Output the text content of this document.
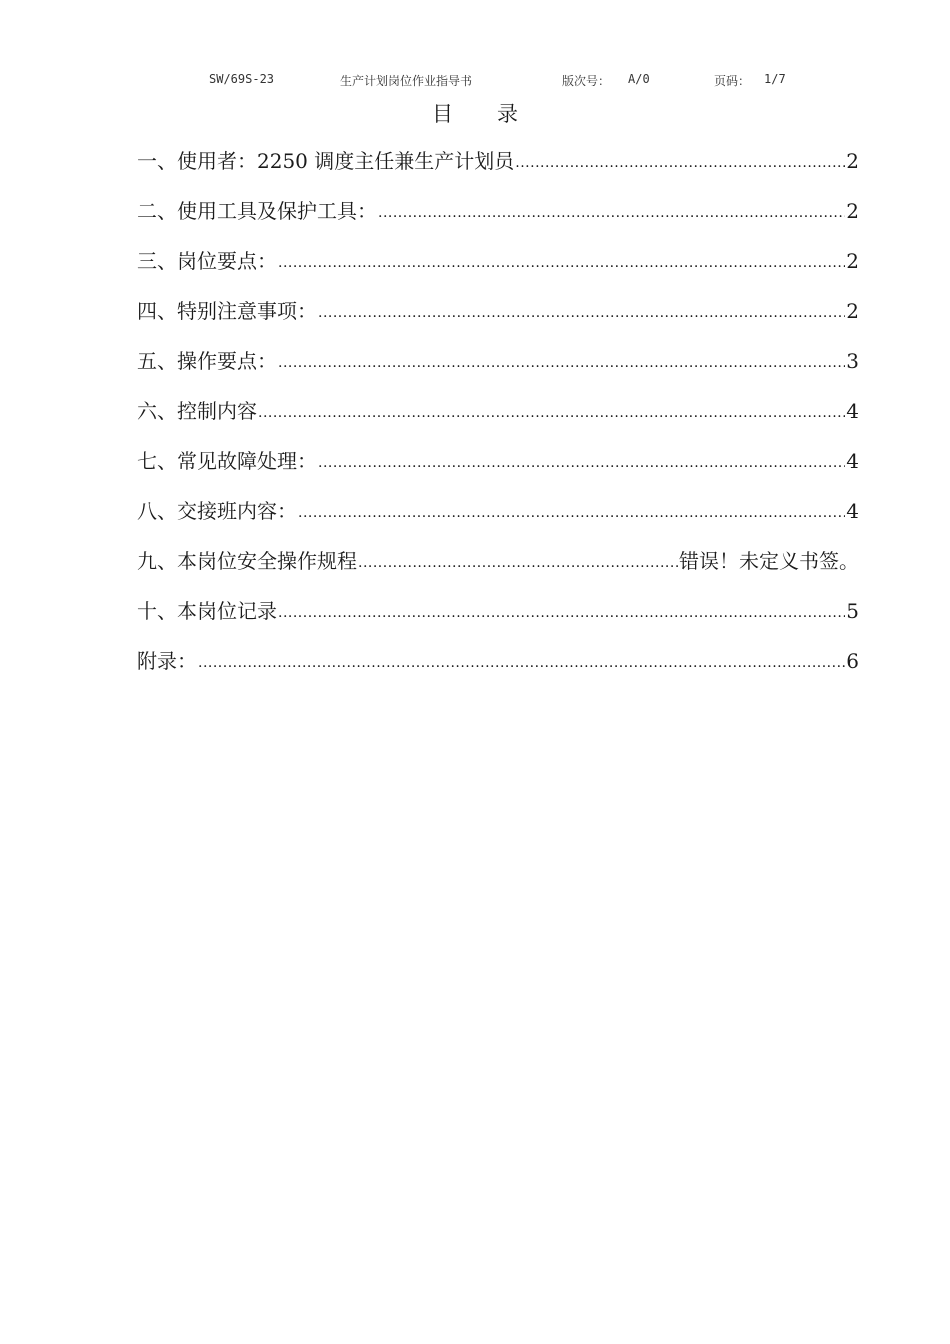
SW/69S-23	生产计划岗位作业指导书	版次号： A/0	页码： 1/7
目 录
一、使用者：2250 调度主任兼生产计划员 .....	2
二、使用工具及保护工具： .....	2
三、岗位要点： .....	2
四、特别注意事项： .....	2
五、操作要点： .....	3
六、控制内容 .....	4
七、常见故障处理： .....	4
八、交接班内容： .....	4
九、本岗位安全操作规程 .....	错误！未定义书签。
十、本岗位记录 .....	5
附录： .....	6
